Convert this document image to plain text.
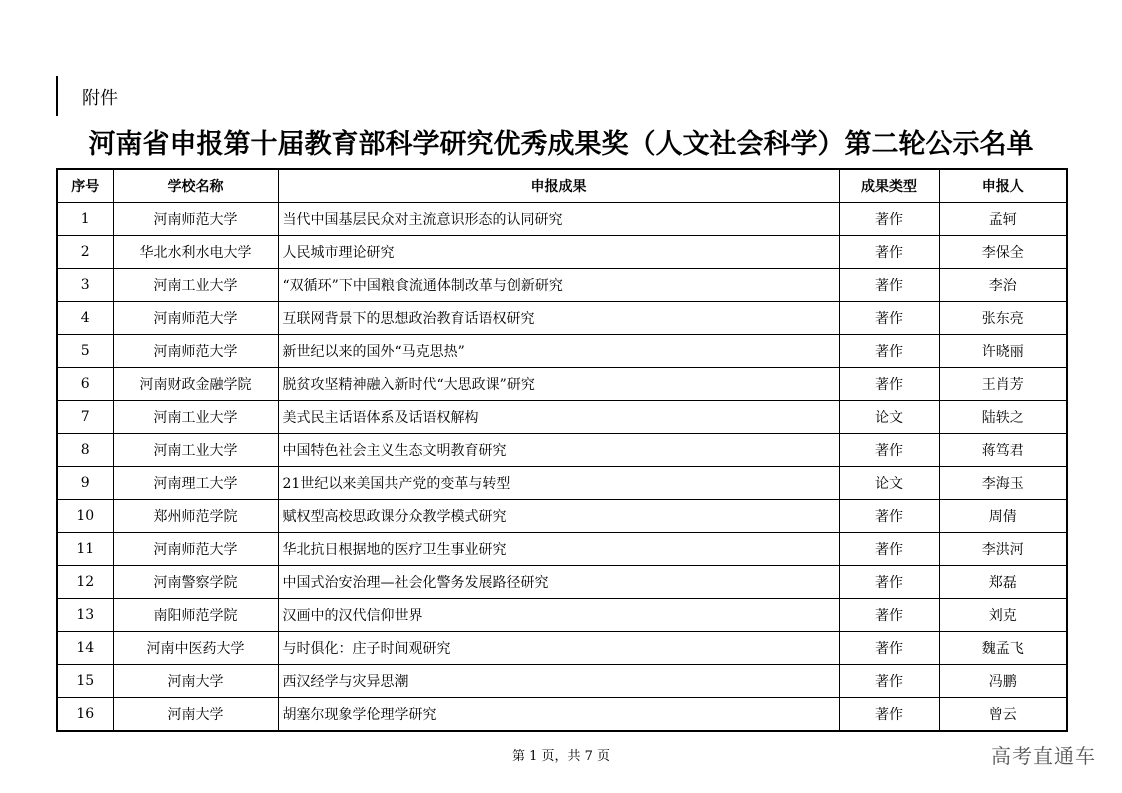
附件
河南省申报第十届教育部科学研究优秀成果奖（人文社会科学）第二轮公示名单
序号	学校名称	申报成果	成果类型	申报人
1	河南师范大学	当代中国基层民众对主流意识形态的认同研究	著作	孟轲
2	华北水利水电大学	人民城市理论研究	著作	李保全
3	河南工业大学	“双循环”下中国粮食流通体制改革与创新研究	著作	李治
4	河南师范大学	互联网背景下的思想政治教育话语权研究	著作	张东亮
5	河南师范大学	新世纪以来的国外“马克思热”	著作	许晓丽
6	河南财政金融学院	脱贫攻坚精神融入新时代“大思政课”研究	著作	王肖芳
7	河南工业大学	美式民主话语体系及话语权解构	论文	陆轶之
8	河南工业大学	中国特色社会主义生态文明教育研究	著作	蒋笃君
9	河南理工大学	21世纪以来美国共产党的变革与转型	论文	李海玉
10	郑州师范学院	赋权型高校思政课分众教学模式研究	著作	周倩
11	河南师范大学	华北抗日根据地的医疗卫生事业研究	著作	李洪河
12	河南警察学院	中国式治安治理—社会化警务发展路径研究	著作	郑磊
13	南阳师范学院	汉画中的汉代信仰世界	著作	刘克
14	河南中医药大学	与时俱化：庄子时间观研究	著作	魏孟飞
15	河南大学	西汉经学与灾异思潮	著作	冯鹏
16	河南大学	胡塞尔现象学伦理学研究	著作	曾云
第 1 页，共 7 页	高考直通车
